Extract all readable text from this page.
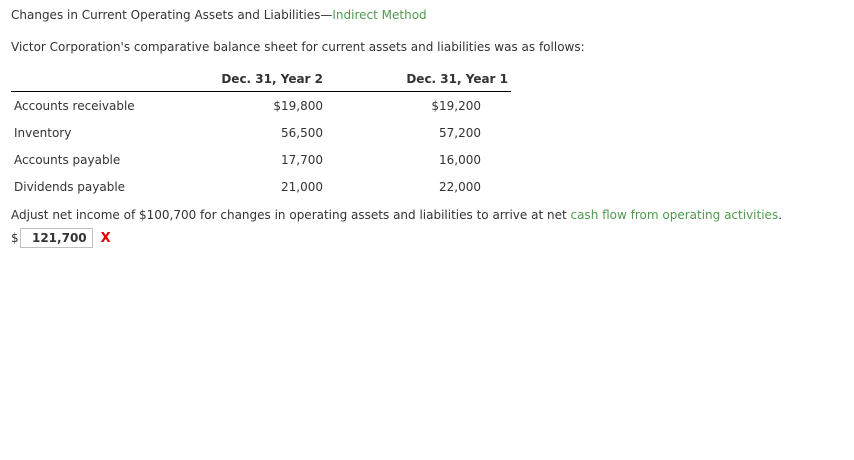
Changes in Current Operating Assets and Liabilities—Indirect Method
Victor Corporation's comparative balance sheet for current assets and liabilities was as follows:
	Dec. 31, Year 2	Dec. 31, Year 1
Accounts receivable	$19,800	$19,200
Inventory	56,500	57,200
Accounts payable	17,700	16,000
Dividends payable	21,000	22,000
Adjust net income of $100,700 for changes in operating assets and liabilities to arrive at net cash flow from operating activities.
$	121,700	X
